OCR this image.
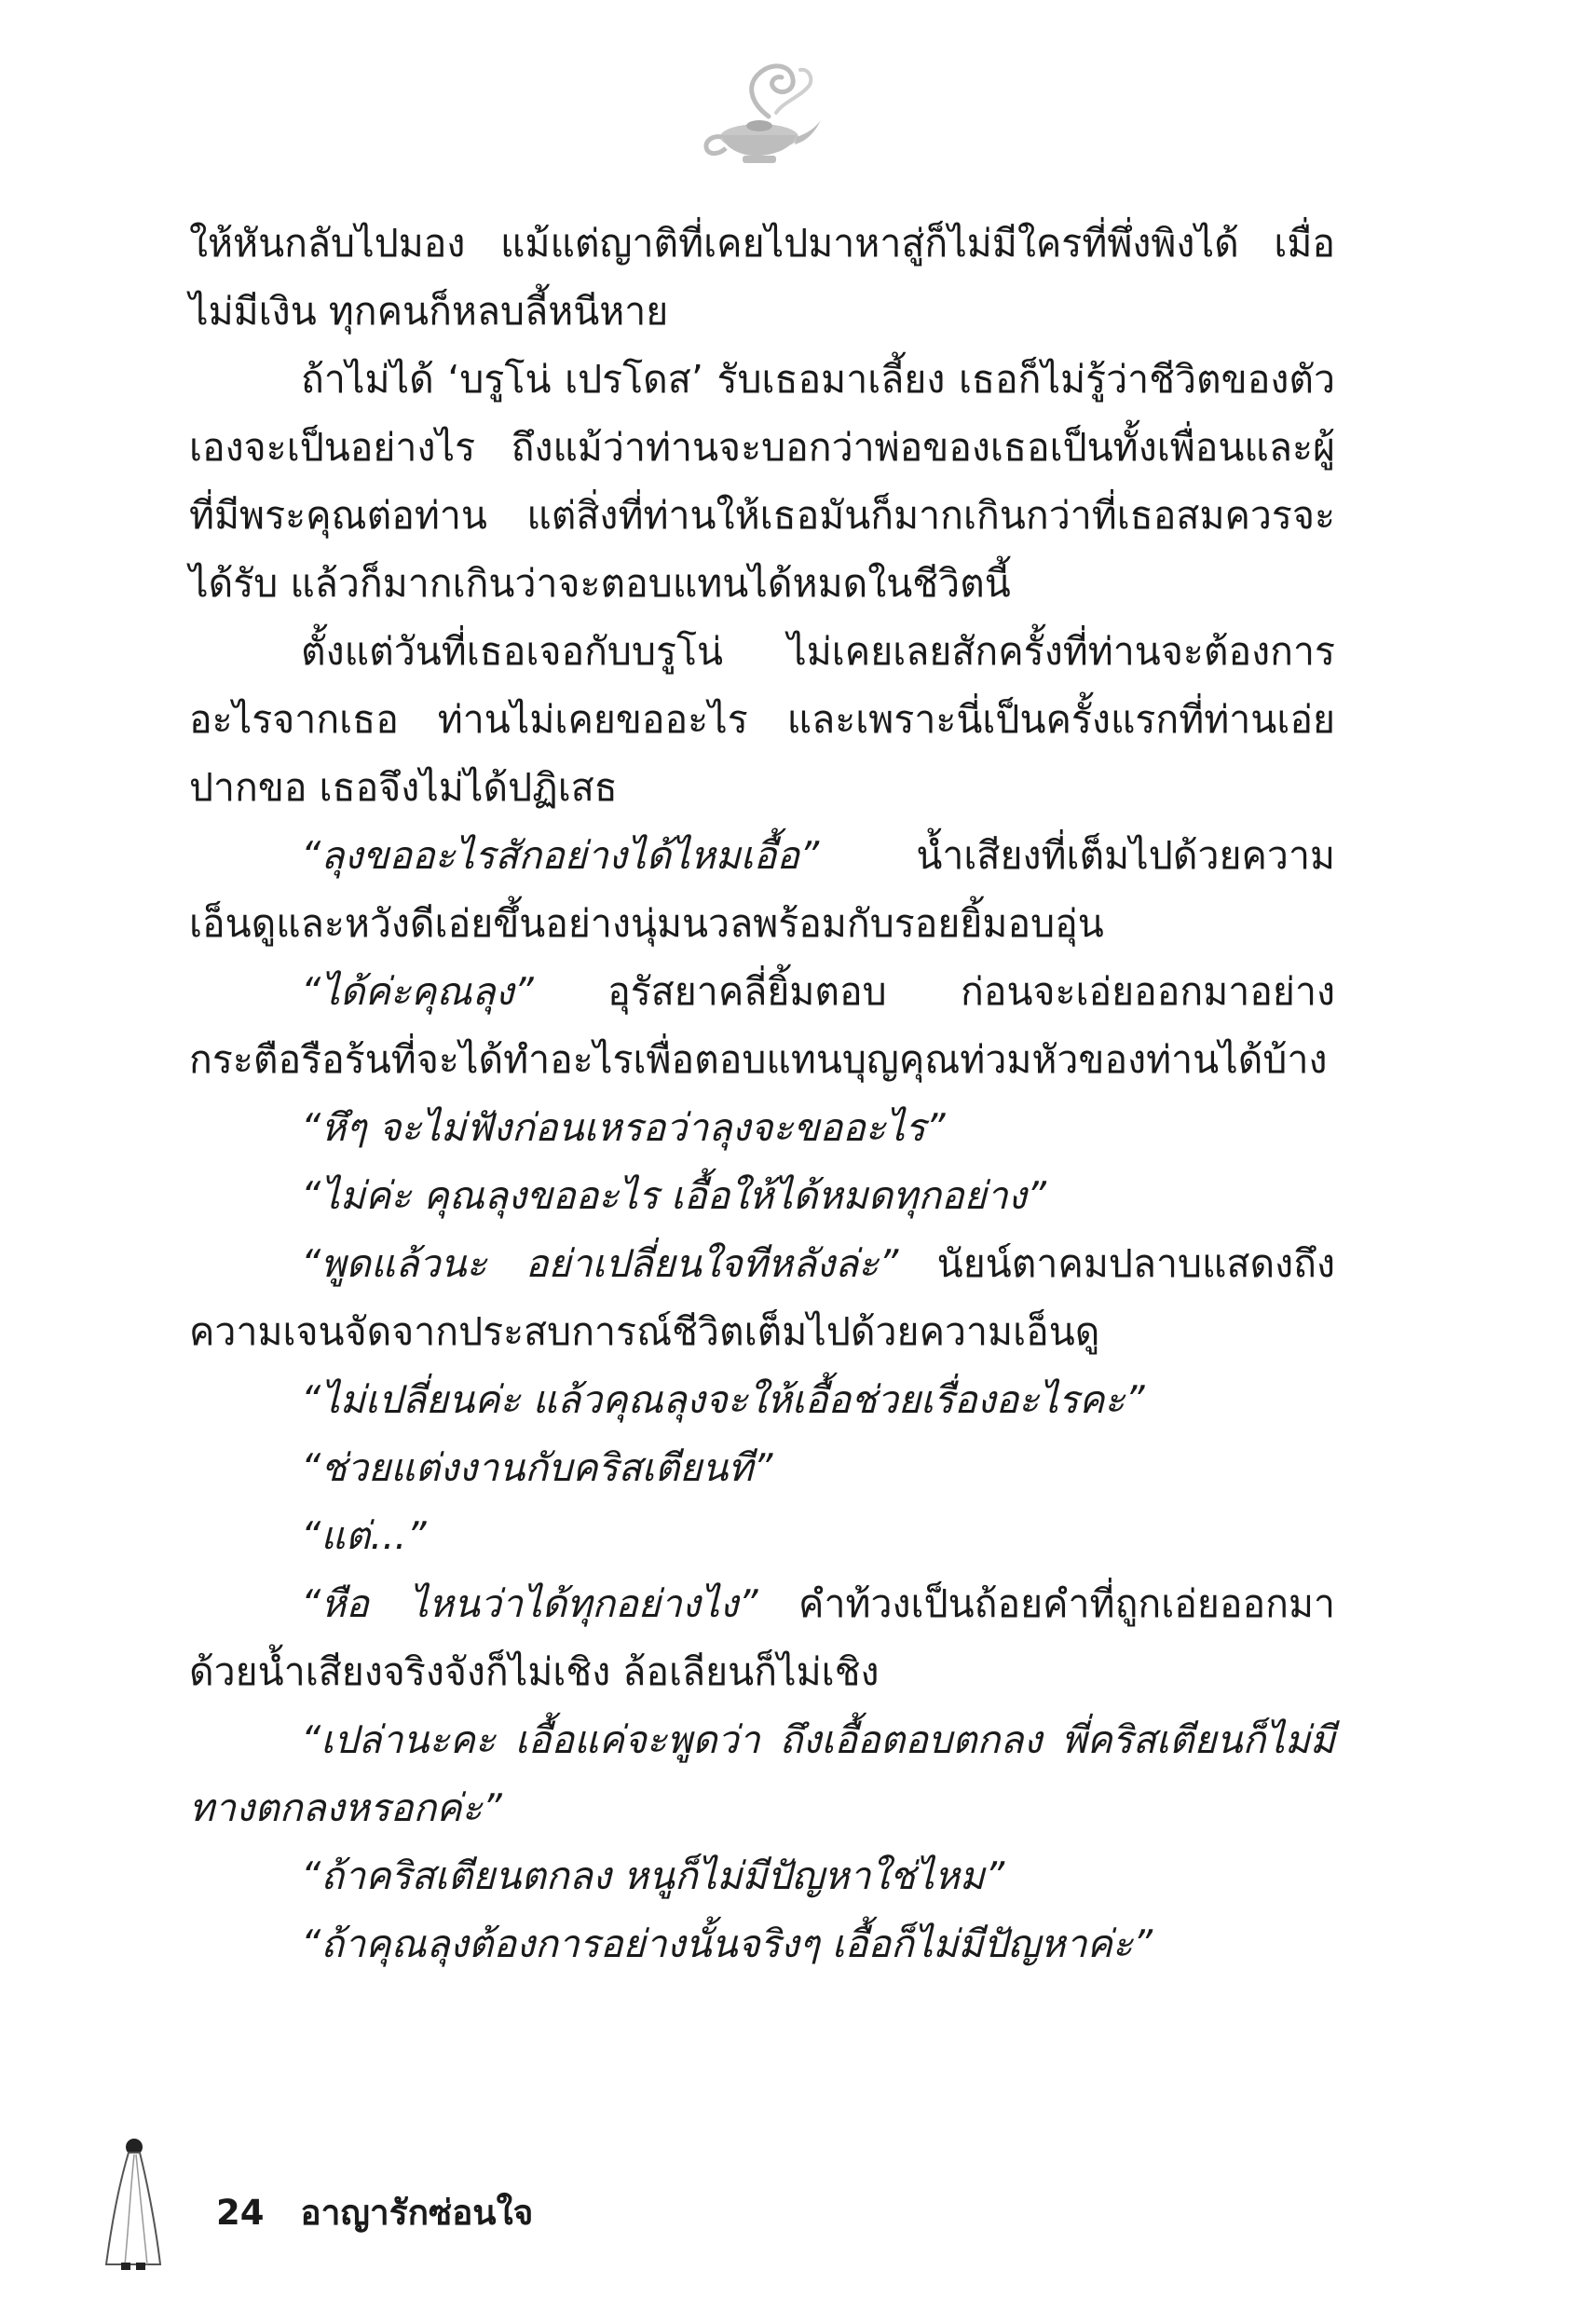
ให้หันกลับไปมอง แม้แต่ญาติที่เคยไปมาหาสู่ก็ไม่มีใครที่พึ่งพิงได้ เมื่อไม่มีเงิน ทุกคนก็หลบลี้หนีหาย

ถ้าไม่ได้ ‘บรูโน่ เปรโดส’ รับเธอมาเลี้ยง เธอก็ไม่รู้ว่าชีวิตของตัวเองจะเป็นอย่างไร ถึงแม้ว่าท่านจะบอกว่าพ่อของเธอเป็นทั้งเพื่อนและผู้ที่มีพระคุณต่อท่าน แต่สิ่งที่ท่านให้เธอมันก็มากเกินกว่าที่เธอสมควรจะได้รับ แล้วก็มากเกินว่าจะตอบแทนได้หมดในชีวิตนี้

ตั้งแต่วันที่เธอเจอกับบรูโน่ ไม่เคยเลยสักครั้งที่ท่านจะต้องการอะไรจากเธอ ท่านไม่เคยขออะไร และเพราะนี่เป็นครั้งแรกที่ท่านเอ่ยปากขอ เธอจึงไม่ได้ปฏิเสธ

“ลุงขออะไรสักอย่างได้ไหมเอื้อ” น้ำเสียงที่เต็มไปด้วยความเอ็นดูและหวังดีเอ่ยขึ้นอย่างนุ่มนวลพร้อมกับรอยยิ้มอบอุ่น

“ได้ค่ะคุณลุง” อุรัสยาคลี่ยิ้มตอบ ก่อนจะเอ่ยออกมาอย่างกระตือรือร้นที่จะได้ทำอะไรเพื่อตอบแทนบุญคุณท่วมหัวของท่านได้บ้าง

“หึๆ จะไม่ฟังก่อนเหรอว่าลุงจะขออะไร”

“ไม่ค่ะ คุณลุงขออะไร เอื้อให้ได้หมดทุกอย่าง”

“พูดแล้วนะ อย่าเปลี่ยนใจทีหลังล่ะ” นัยน์ตาคมปลาบแสดงถึงความเจนจัดจากประสบการณ์ชีวิตเต็มไปด้วยความเอ็นดู

“ไม่เปลี่ยนค่ะ แล้วคุณลุงจะให้เอื้อช่วยเรื่องอะไรคะ”

“ช่วยแต่งงานกับคริสเตียนที”

“แต่...”

“หือ ไหนว่าได้ทุกอย่างไง” คำท้วงเป็นถ้อยคำที่ถูกเอ่ยออกมาด้วยน้ำเสียงจริงจังก็ไม่เชิง ล้อเลียนก็ไม่เชิง

“เปล่านะคะ เอื้อแค่จะพูดว่า ถึงเอื้อตอบตกลง พี่คริสเตียนก็ไม่มีทางตกลงหรอกค่ะ”

“ถ้าคริสเตียนตกลง หนูก็ไม่มีปัญหาใช่ไหม”

“ถ้าคุณลุงต้องการอย่างนั้นจริงๆ เอื้อก็ไม่มีปัญหาค่ะ”

24 อาญารักซ่อนใจ
